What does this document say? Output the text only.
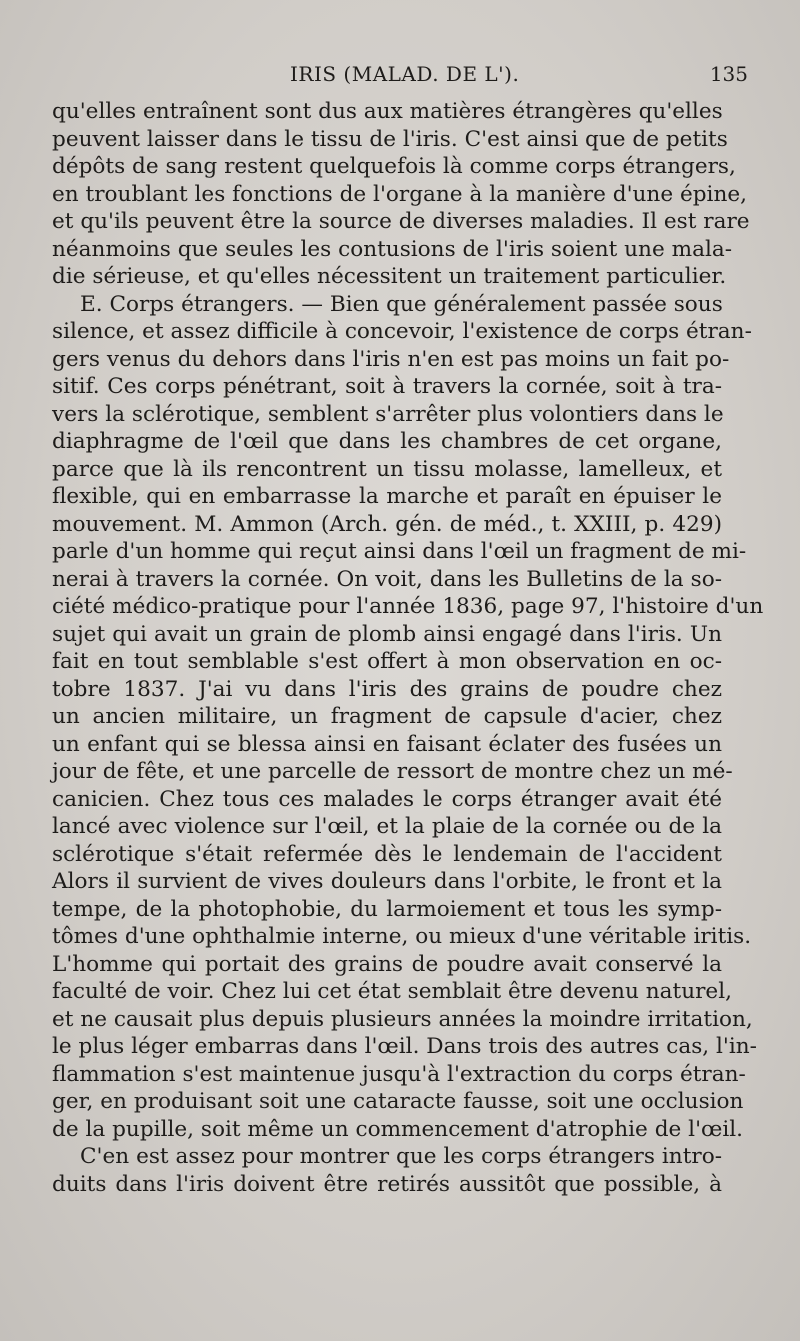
IRIS (MALAD. DE L').	135
qu'elles entraînent sont dus aux matières étrangères qu'elles
peuvent laisser dans le tissu de l'iris. C'est ainsi que de petits
dépôts de sang restent quelquefois là comme corps étrangers,
en troublant les fonctions de l'organe à la manière d'une épine,
et qu'ils peuvent être la source de diverses maladies. Il est rare
néanmoins que seules les contusions de l'iris soient une mala-
die sérieuse, et qu'elles nécessitent un traitement particulier.
E. Corps étrangers. — Bien que généralement passée sous
silence, et assez difficile à concevoir, l'existence de corps étran-
gers venus du dehors dans l'iris n'en est pas moins un fait po-
sitif. Ces corps pénétrant, soit à travers la cornée, soit à tra-
vers la sclérotique, semblent s'arrêter plus volontiers dans le
diaphragme de l'œil que dans les chambres de cet organe,
parce que là ils rencontrent un tissu molasse, lamelleux, et
flexible, qui en embarrasse la marche et paraît en épuiser le
mouvement. M. Ammon (Arch. gén. de méd., t. XXIII, p. 429)
parle d'un homme qui reçut ainsi dans l'œil un fragment de mi-
nerai à travers la cornée. On voit, dans les Bulletins de la so-
ciété médico-pratique pour l'année 1836, page 97, l'histoire d'un
sujet qui avait un grain de plomb ainsi engagé dans l'iris. Un
fait en tout semblable s'est offert à mon observation en oc-
tobre 1837. J'ai vu dans l'iris des grains de poudre chez
un ancien militaire, un fragment de capsule d'acier, chez
un enfant qui se blessa ainsi en faisant éclater des fusées un
jour de fête, et une parcelle de ressort de montre chez un mé-
canicien. Chez tous ces malades le corps étranger avait été
lancé avec violence sur l'œil, et la plaie de la cornée ou de la
sclérotique s'était refermée dès le lendemain de l'accident
Alors il survient de vives douleurs dans l'orbite, le front et la
tempe, de la photophobie, du larmoiement et tous les symp-
tômes d'une ophthalmie interne, ou mieux d'une véritable iritis.
L'homme qui portait des grains de poudre avait conservé la
faculté de voir. Chez lui cet état semblait être devenu naturel,
et ne causait plus depuis plusieurs années la moindre irritation,
le plus léger embarras dans l'œil. Dans trois des autres cas, l'in-
flammation s'est maintenue jusqu'à l'extraction du corps étran-
ger, en produisant soit une cataracte fausse, soit une occlusion
de la pupille, soit même un commencement d'atrophie de l'œil.
C'en est assez pour montrer que les corps étrangers intro-
duits dans l'iris doivent être retirés aussitôt que possible, à
